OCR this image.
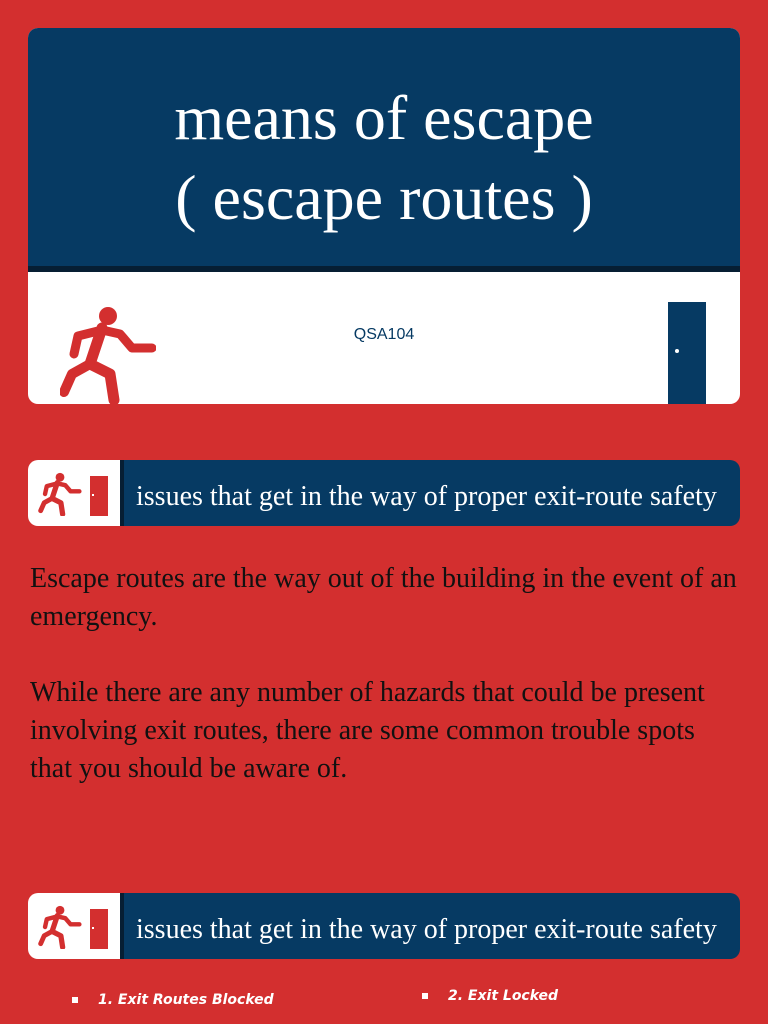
means of escape
( escape routes )
QSA104
issues that get in the way of proper exit-route safety

Escape routes are the way out of the building in the event of an emergency.

While there are any number of hazards that could be present involving exit routes, there are some common trouble spots that you should be aware of.

issues that get in the way of proper exit-route safety
1. Exit Routes Blocked	2. Exit Locked
